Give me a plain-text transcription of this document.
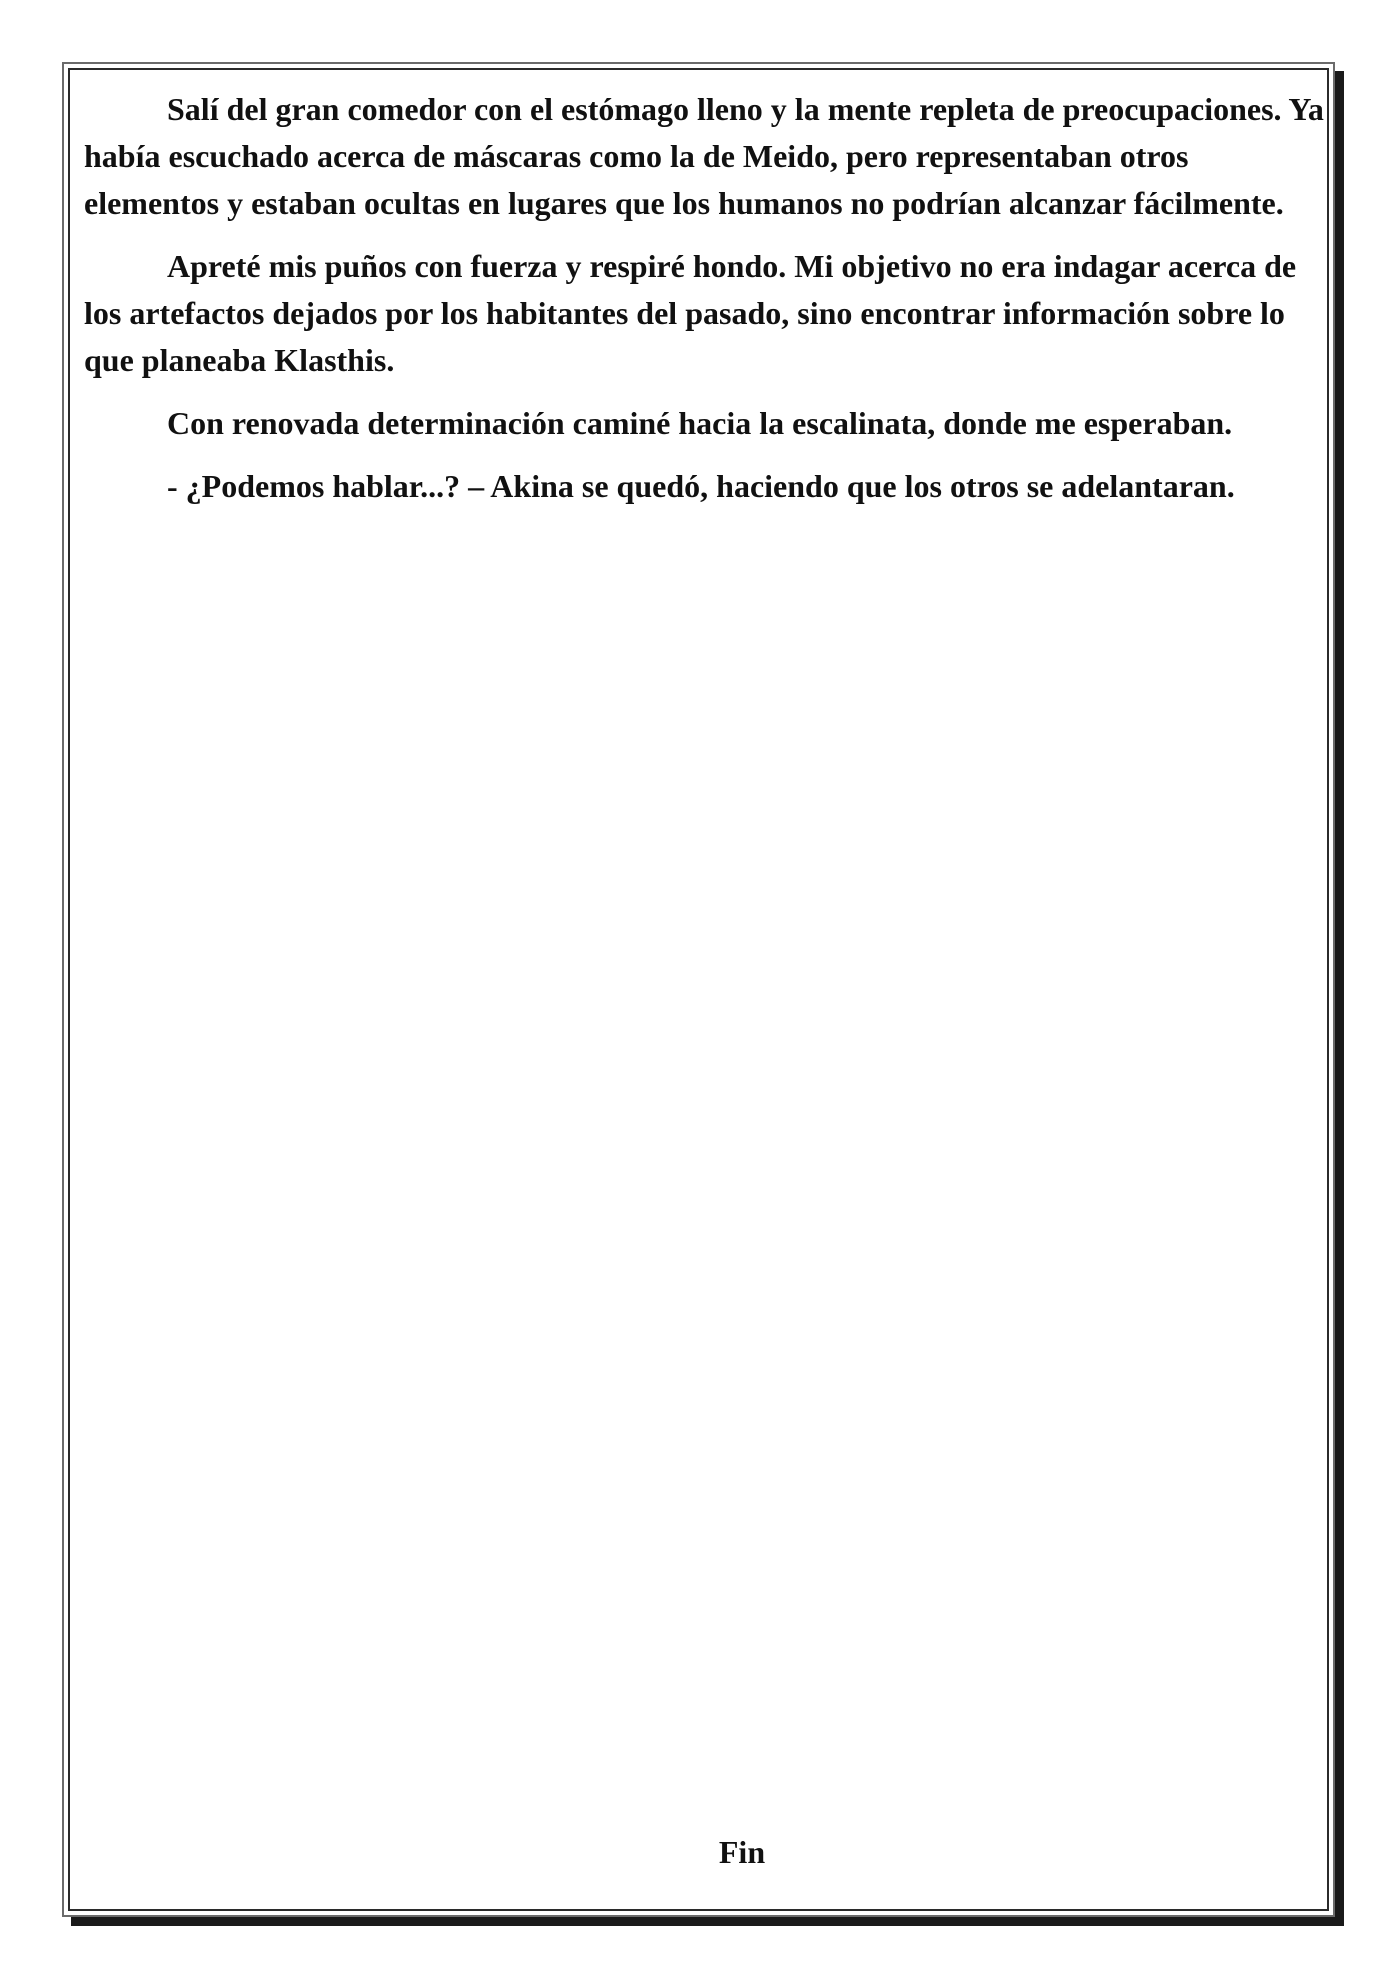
Salí del gran comedor con el estómago lleno y la mente repleta de preocupaciones. Ya había escuchado acerca de máscaras como la de Meido, pero representaban otros elementos y estaban ocultas en lugares que los humanos no podrían alcanzar fácilmente.

Apreté mis puños con fuerza y respiré hondo. Mi objetivo no era indagar acerca de los artefactos dejados por los habitantes del pasado, sino encontrar información sobre lo que planeaba Klasthis.

Con renovada determinación caminé hacia la escalinata, donde me esperaban.

- ¿Podemos hablar...? – Akina se quedó, haciendo que los otros se adelantaran.

Fin
